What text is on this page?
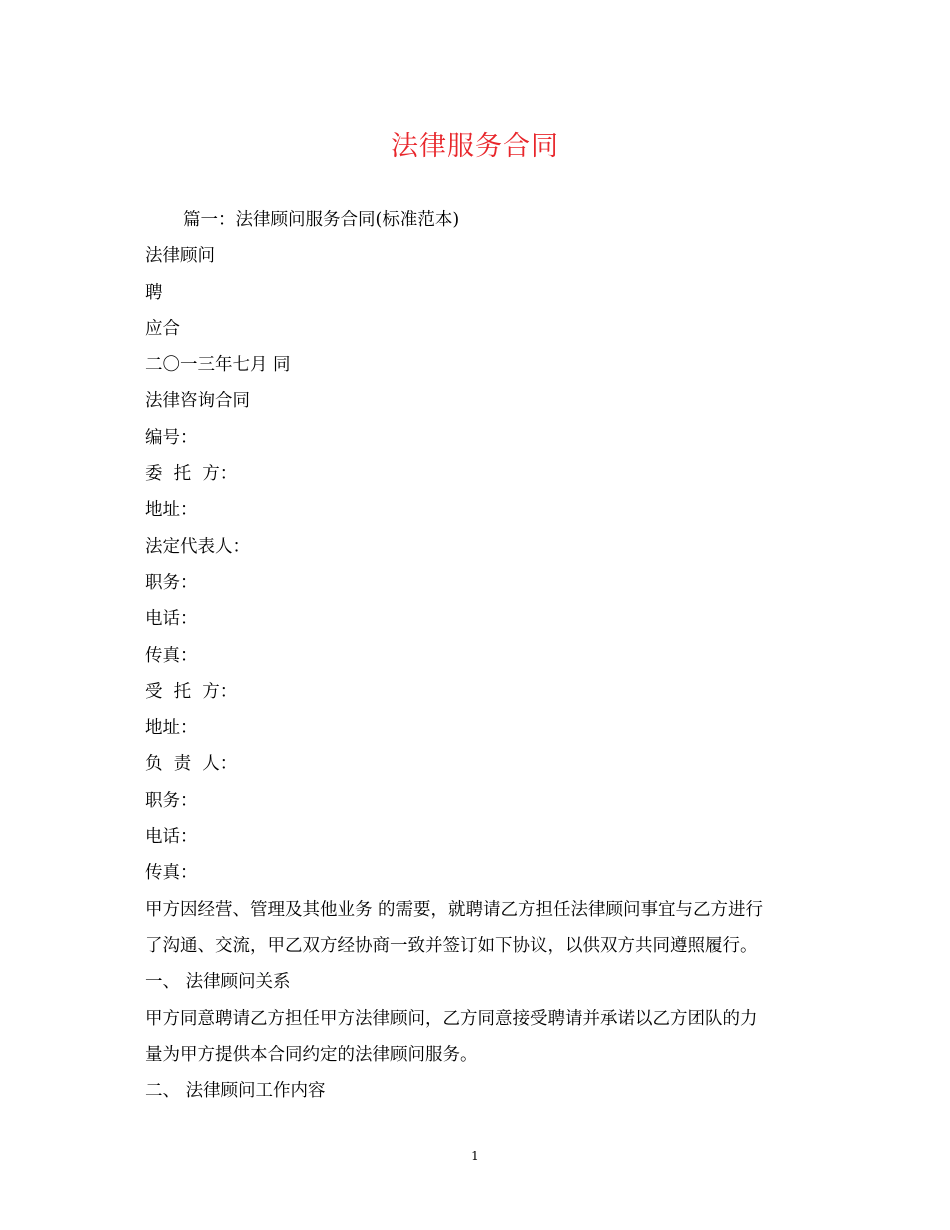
法律服务合同
篇一：法律顾问服务合同(标准范本)
法律顾问
聘
应合
二〇一三年七月 同
法律咨询合同
编号：
委  托  方：
地址：
法定代表人：
职务：
电话：
传真：
受  托  方：
地址：
负  责  人：
职务：
电话：
传真：
甲方因经营、管理及其他业务 的需要，就聘请乙方担任法律顾问事宜与乙方进行
了沟通、交流，甲乙双方经协商一致并签订如下协议，以供双方共同遵照履行。
一、 法律顾问关系
甲方同意聘请乙方担任甲方法律顾问，乙方同意接受聘请并承诺以乙方团队的力
量为甲方提供本合同约定的法律顾问服务。
二、 法律顾问工作内容
1
